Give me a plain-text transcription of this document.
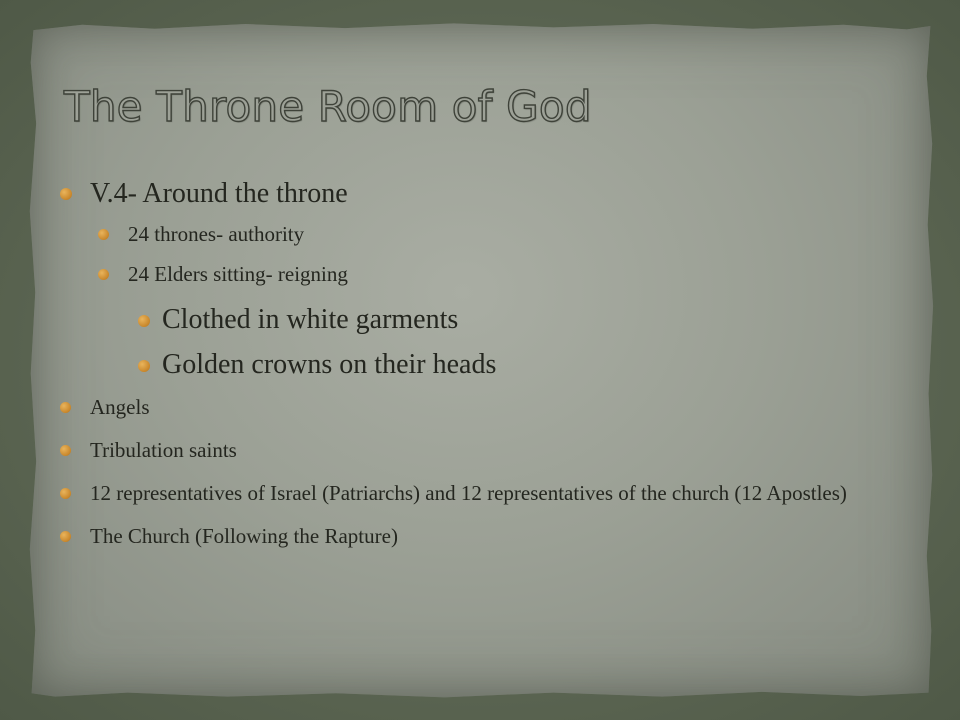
The Throne Room of God
V.4- Around the throne
24 thrones- authority
24 Elders sitting- reigning
Clothed in white garments
Golden crowns on their heads
Angels
Tribulation saints
12 representatives of Israel (Patriarchs) and 12 representatives of the church (12 Apostles)
The Church (Following the Rapture)
